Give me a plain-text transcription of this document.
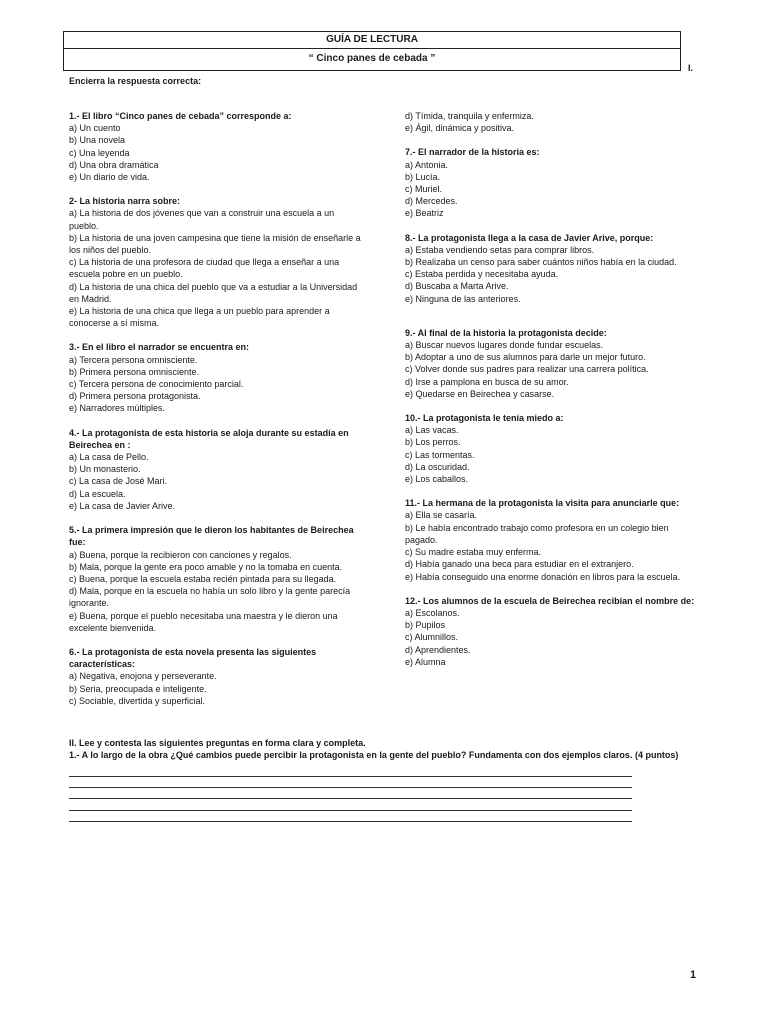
GUÍA DE LECTURA
“ Cinco panes de cebada ”
I.
Encierra la respuesta correcta:
1.- El libro “Cinco panes de cebada” corresponde a:
a) Un cuento
b) Una novela
c) Una leyenda
d) Una obra dramática
e) Un diario de vida.
2- La historia narra sobre:
a) La historia de dos jóvenes que van a construir una escuela a un pueblo.
b) La historia de una joven campesina que tiene la misión de enseñarle a los niños del pueblo.
c) La historia de una profesora de ciudad que llega a enseñar a una escuela pobre en un pueblo.
d) La historia de una chica del pueblo que va a estudiar a la Universidad en Madrid.
e) La historia de una chica que llega a un pueblo para aprender a conocerse a sí misma.
3.- En el libro el narrador se encuentra en:
a) Tercera persona omnisciente.
b) Primera persona omnisciente.
c) Tercera persona de conocimiento parcial.
d) Primera persona protagonista.
e) Narradores múltiples.
4.- La protagonista de esta historia se aloja durante su estadía en Beirechea en :
a) La casa de Pello.
b) Un monasterio.
c) La casa de José Mari.
d) La escuela.
e) La casa de Javier Arive.
5.- La primera impresión que le dieron los habitantes de Beirechea fue:
a) Buena, porque la recibieron con canciones y regalos.
b) Mala, porque la gente era poco amable y no la tomaba en cuenta.
c) Buena, porque la escuela estaba recién pintada para su llegada.
d) Mala, porque en la escuela no había un solo libro y la gente parecía ignorante.
e) Buena, porque el pueblo necesitaba una maestra y le dieron una excelente bienvenida.
6.- La protagonista de esta novela presenta las siguientes características:
a) Negativa, enojona y perseverante.
b) Seria, preocupada e inteligente.
c) Sociable, divertida y superficial.
d) Tímida, tranquila y enfermiza.
e) Ágil, dinámica y positiva.
7.- El narrador de la historia es:
a) Antonia.
b) Lucía.
c) Muriel.
d) Mercedes.
e) Beatriz
8.- La protagonista llega a la casa de Javier Arive, porque:
a) Estaba vendiendo setas para comprar libros.
b) Realizaba un censo para saber cuántos niños había en la ciudad.
c) Estaba perdida y necesitaba ayuda.
d) Buscaba a Marta Arive.
e) Ninguna de las anteriores.
9.- Al final de la historia la protagonista decide:
a) Buscar nuevos lugares donde fundar escuelas.
b) Adoptar a uno de sus alumnos para darle un mejor futuro.
c) Volver donde sus padres para realizar una carrera política.
d) Irse a pamplona en busca de su amor.
e) Quedarse en Beirechea y casarse.
10.- La protagonista le tenía miedo a:
a) Las vacas.
b) Los perros.
c) Las tormentas.
d) La oscuridad.
e) Los caballos.
11.- La hermana de la protagonista la visita para anunciarle que:
a) Ella se casaría.
b) Le había encontrado trabajo como profesora en un colegio bien pagado.
c) Su madre estaba muy enferma.
d) Había ganado una beca para estudiar en el extranjero.
e) Había conseguido una enorme donación en libros para la escuela.
12.- Los alumnos de la escuela de Beirechea recibían el nombre de:
a) Escolanos.
b) Pupilos
c) Alumnillos.
d) Aprendientes.
e) Alumna
II. Lee y contesta las siguientes preguntas en forma clara y completa.
1.- A lo largo de la obra ¿Qué cambios puede percibir la protagonista en la gente del pueblo? Fundamenta con dos ejemplos claros. (4 puntos)
1
